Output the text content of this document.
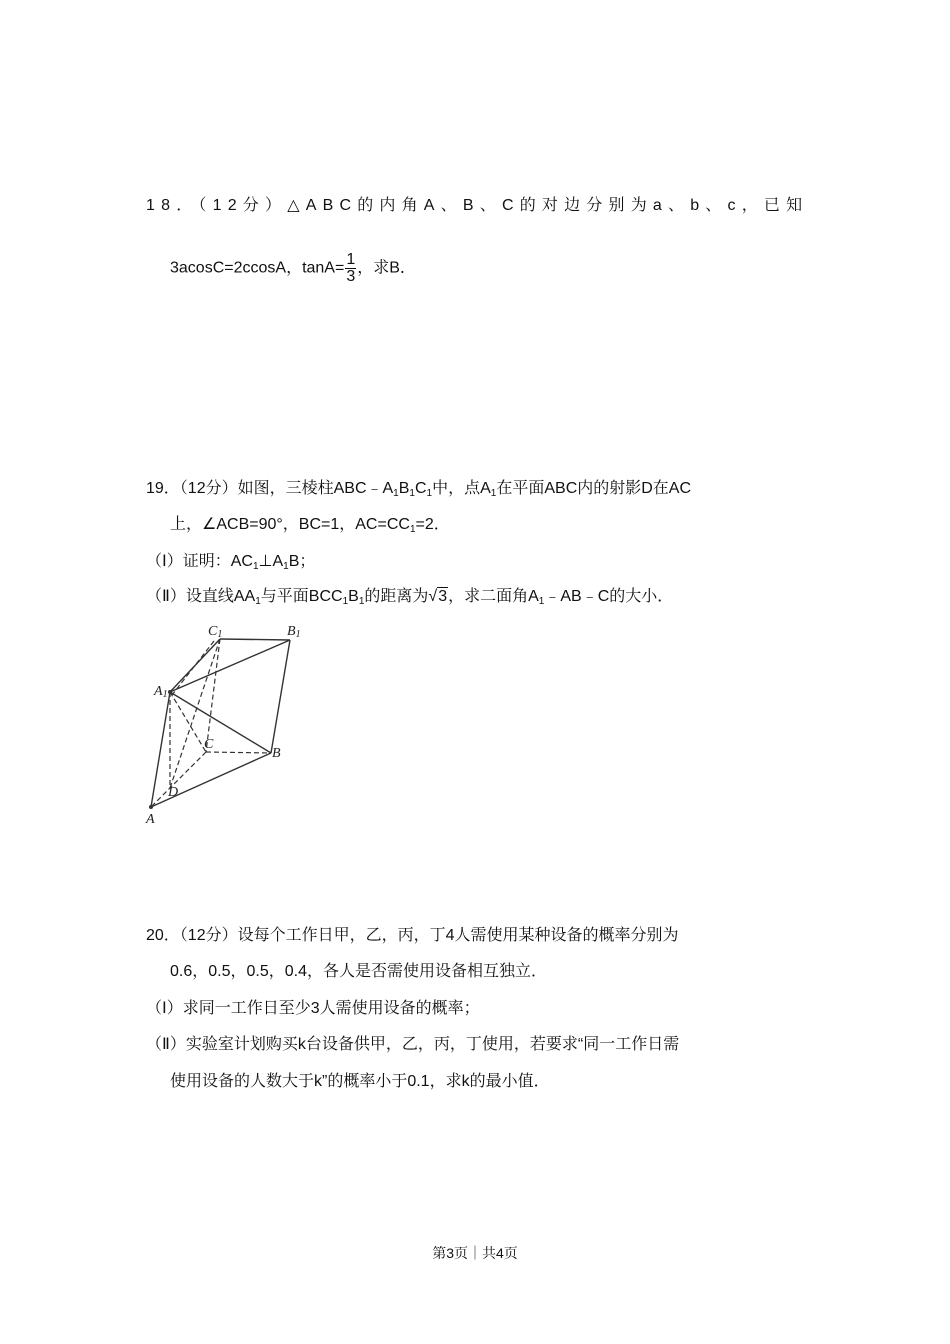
18．（12分）△ABC的内角A、B、C的对边分别为a、b、c，已知
3acosC=2ccosA，$\tan A= \frac{1}{3}$ ，求B．
19．（12分）如图，三棱柱$ABC﹣A_1B_1C_1$中，点$A_1$在平面ABC内的射影D在AC
上，∠ACB=90°，BC=1，$AC=CC_1=2$．
（Ⅰ）证明：$AC_1\perp A_1B$；
（Ⅱ）设直线$AA_1$与平面$BCC_1B_1$的距离为√3，求二面角$A_1﹣AB﹣C$的大小．
C1	B1
A1
C
B
D
A
20．（12分）设每个工作日甲，乙，丙，丁4人需使用某种设备的概率分别为
0.6，0.5，0.5，0.4，各人是否需使用设备相互独立．
（Ⅰ）求同一工作日至少3人需使用设备的概率；
（Ⅱ）实验室计划购买k台设备供甲，乙，丙，丁使用，若要求“同一工作日需
使用设备的人数大于k”的概率小于0.1，求k的最小值．
第3页｜共4页
